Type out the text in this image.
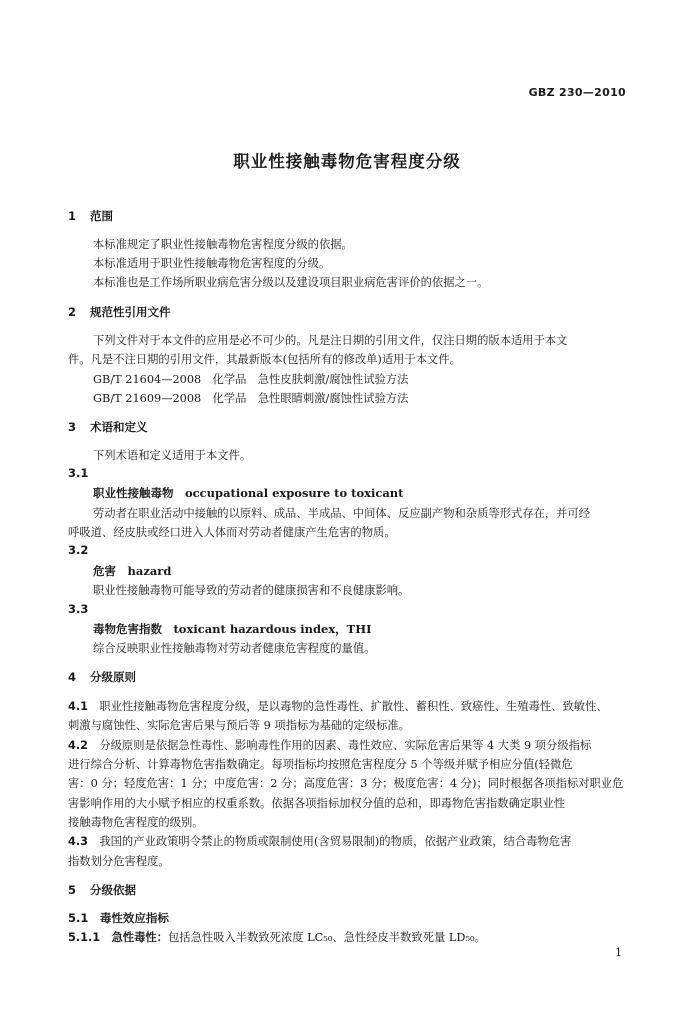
GBZ 230—2010
职业性接触毒物危害程度分级
1 范围
本标准规定了职业性接触毒物危害程度分级的依据。
本标准适用于职业性接触毒物危害程度的分级。
本标准也是工作场所职业病危害分级以及建设项目职业病危害评价的依据之一。
2 规范性引用文件
下列文件对于本文件的应用是必不可少的。凡是注日期的引用文件，仅注日期的版本适用于本文
件。凡是不注日期的引用文件，其最新版本(包括所有的修改单)适用于本文件。
GB/T 21604—2008　化学品　急性皮肤刺激/腐蚀性试验方法
GB/T 21609—2008　化学品　急性眼睛刺激/腐蚀性试验方法
3 术语和定义
下列术语和定义适用于本文件。
3.1
职业性接触毒物　 occupational exposure to toxicant
劳动者在职业活动中接触的以原料、成品、半成品、中间体、反应副产物和杂质等形式存在，并可经
呼吸道、经皮肤或经口进入人体而对劳动者健康产生危害的物质。
3.2
危害　 hazard
职业性接触毒物可能导致的劳动者的健康损害和不良健康影响。
3.3
毒物危害指数　 toxicant hazardous index，THI
综合反映职业性接触毒物对劳动者健康危害程度的量值。
4 分级原则
4.1　 职业性接触毒物危害程度分级，是以毒物的急性毒性、扩散性、蓄积性、致癌性、生殖毒性、致敏性、
刺激与腐蚀性、实际危害后果与预后等 9 项指标为基础的定级标准。
4.2　 分级原则是依据急性毒性、影响毒性作用的因素、毒性效应、实际危害后果等 4 大类 9 项分级指标
进行综合分析、计算毒物危害指数确定。每项指标均按照危害程度分 5 个等级并赋予相应分值(轻微危
害：0 分；轻度危害：1 分；中度危害：2 分；高度危害：3 分；极度危害：4 分)；同时根据各项指标对职业危
害影响作用的大小赋予相应的权重系数。依据各项指标加权分值的总和，即毒物危害指数确定职业性
接触毒物危害程度的级别。
4.3　 我国的产业政策明令禁止的物质或限制使用(含贸易限制)的物质，依据产业政策，结合毒物危害
指数划分危害程度。
5 分级依据
5.1　 毒性效应指标
5.1.1　 急性毒性：包括急性吸入半数致死浓度 LC₅₀、急性经皮半数致死量 LD₅₀。
1
